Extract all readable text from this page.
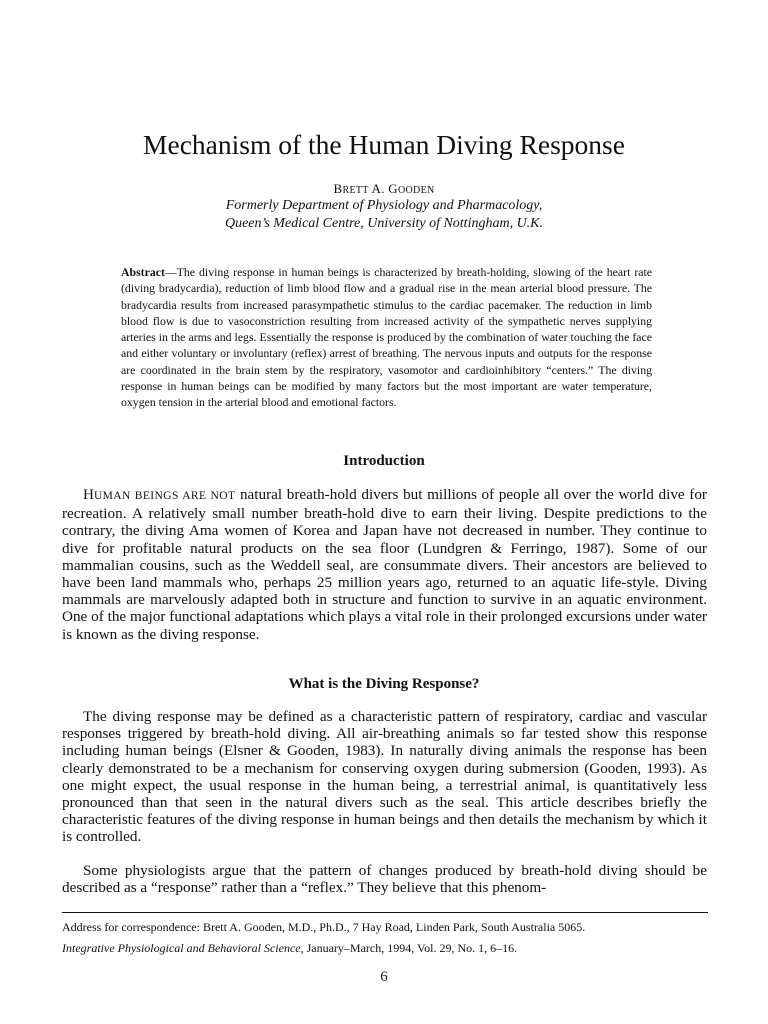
Mechanism of the Human Diving Response
BRETT A. GOODEN
Formerly Department of Physiology and Pharmacology,
Queen’s Medical Centre, University of Nottingham, U.K.

Abstract—The diving response in human beings is characterized by breath-holding, slowing of the heart rate (diving bradycardia), reduction of limb blood flow and a gradual rise in the mean arterial blood pressure. The bradycardia results from increased parasympathetic stimulus to the cardiac pacemaker. The reduction in limb blood flow is due to vasoconstriction resulting from increased activity of the sympathetic nerves supplying arteries in the arms and legs. Essentially the response is produced by the combination of water touching the face and either voluntary or involuntary (reflex) arrest of breathing. The nervous inputs and outputs for the response are coordinated in the brain stem by the respiratory, vasomotor and cardioinhibitory “centers.” The diving response in human beings can be modified by many factors but the most important are water temperature, oxygen tension in the arterial blood and emotional factors.

Introduction

HUMAN BEINGS ARE NOT natural breath-hold divers but millions of people all over the world dive for recreation. A relatively small number breath-hold dive to earn their living. Despite predictions to the contrary, the diving Ama women of Korea and Japan have not decreased in number. They continue to dive for profitable natural products on the sea floor (Lundgren & Ferringo, 1987). Some of our mammalian cousins, such as the Weddell seal, are consummate divers. Their ancestors are believed to have been land mammals who, perhaps 25 million years ago, returned to an aquatic life-style. Diving mammals are marvelously adapted both in structure and function to survive in an aquatic environment. One of the major functional adaptations which plays a vital role in their prolonged excursions under water is known as the diving response.

What is the Diving Response?

The diving response may be defined as a characteristic pattern of respiratory, cardiac and vascular responses triggered by breath-hold diving. All air-breathing animals so far tested show this response including human beings (Elsner & Gooden, 1983). In naturally diving animals the response has been clearly demonstrated to be a mechanism for conserving oxygen during submersion (Gooden, 1993). As one might expect, the usual response in the human being, a terrestrial animal, is quantitatively less pronounced than that seen in the natural divers such as the seal. This article describes briefly the characteristic features of the diving response in human beings and then details the mechanism by which it is controlled.

Some physiologists argue that the pattern of changes produced by breath-hold diving should be described as a “response” rather than a “reflex.” They believe that this phenom-

Address for correspondence: Brett A. Gooden, M.D., Ph.D., 7 Hay Road, Linden Park, South Australia 5065.
Integrative Physiological and Behavioral Science, January–March, 1994, Vol. 29, No. 1, 6–16.
6
